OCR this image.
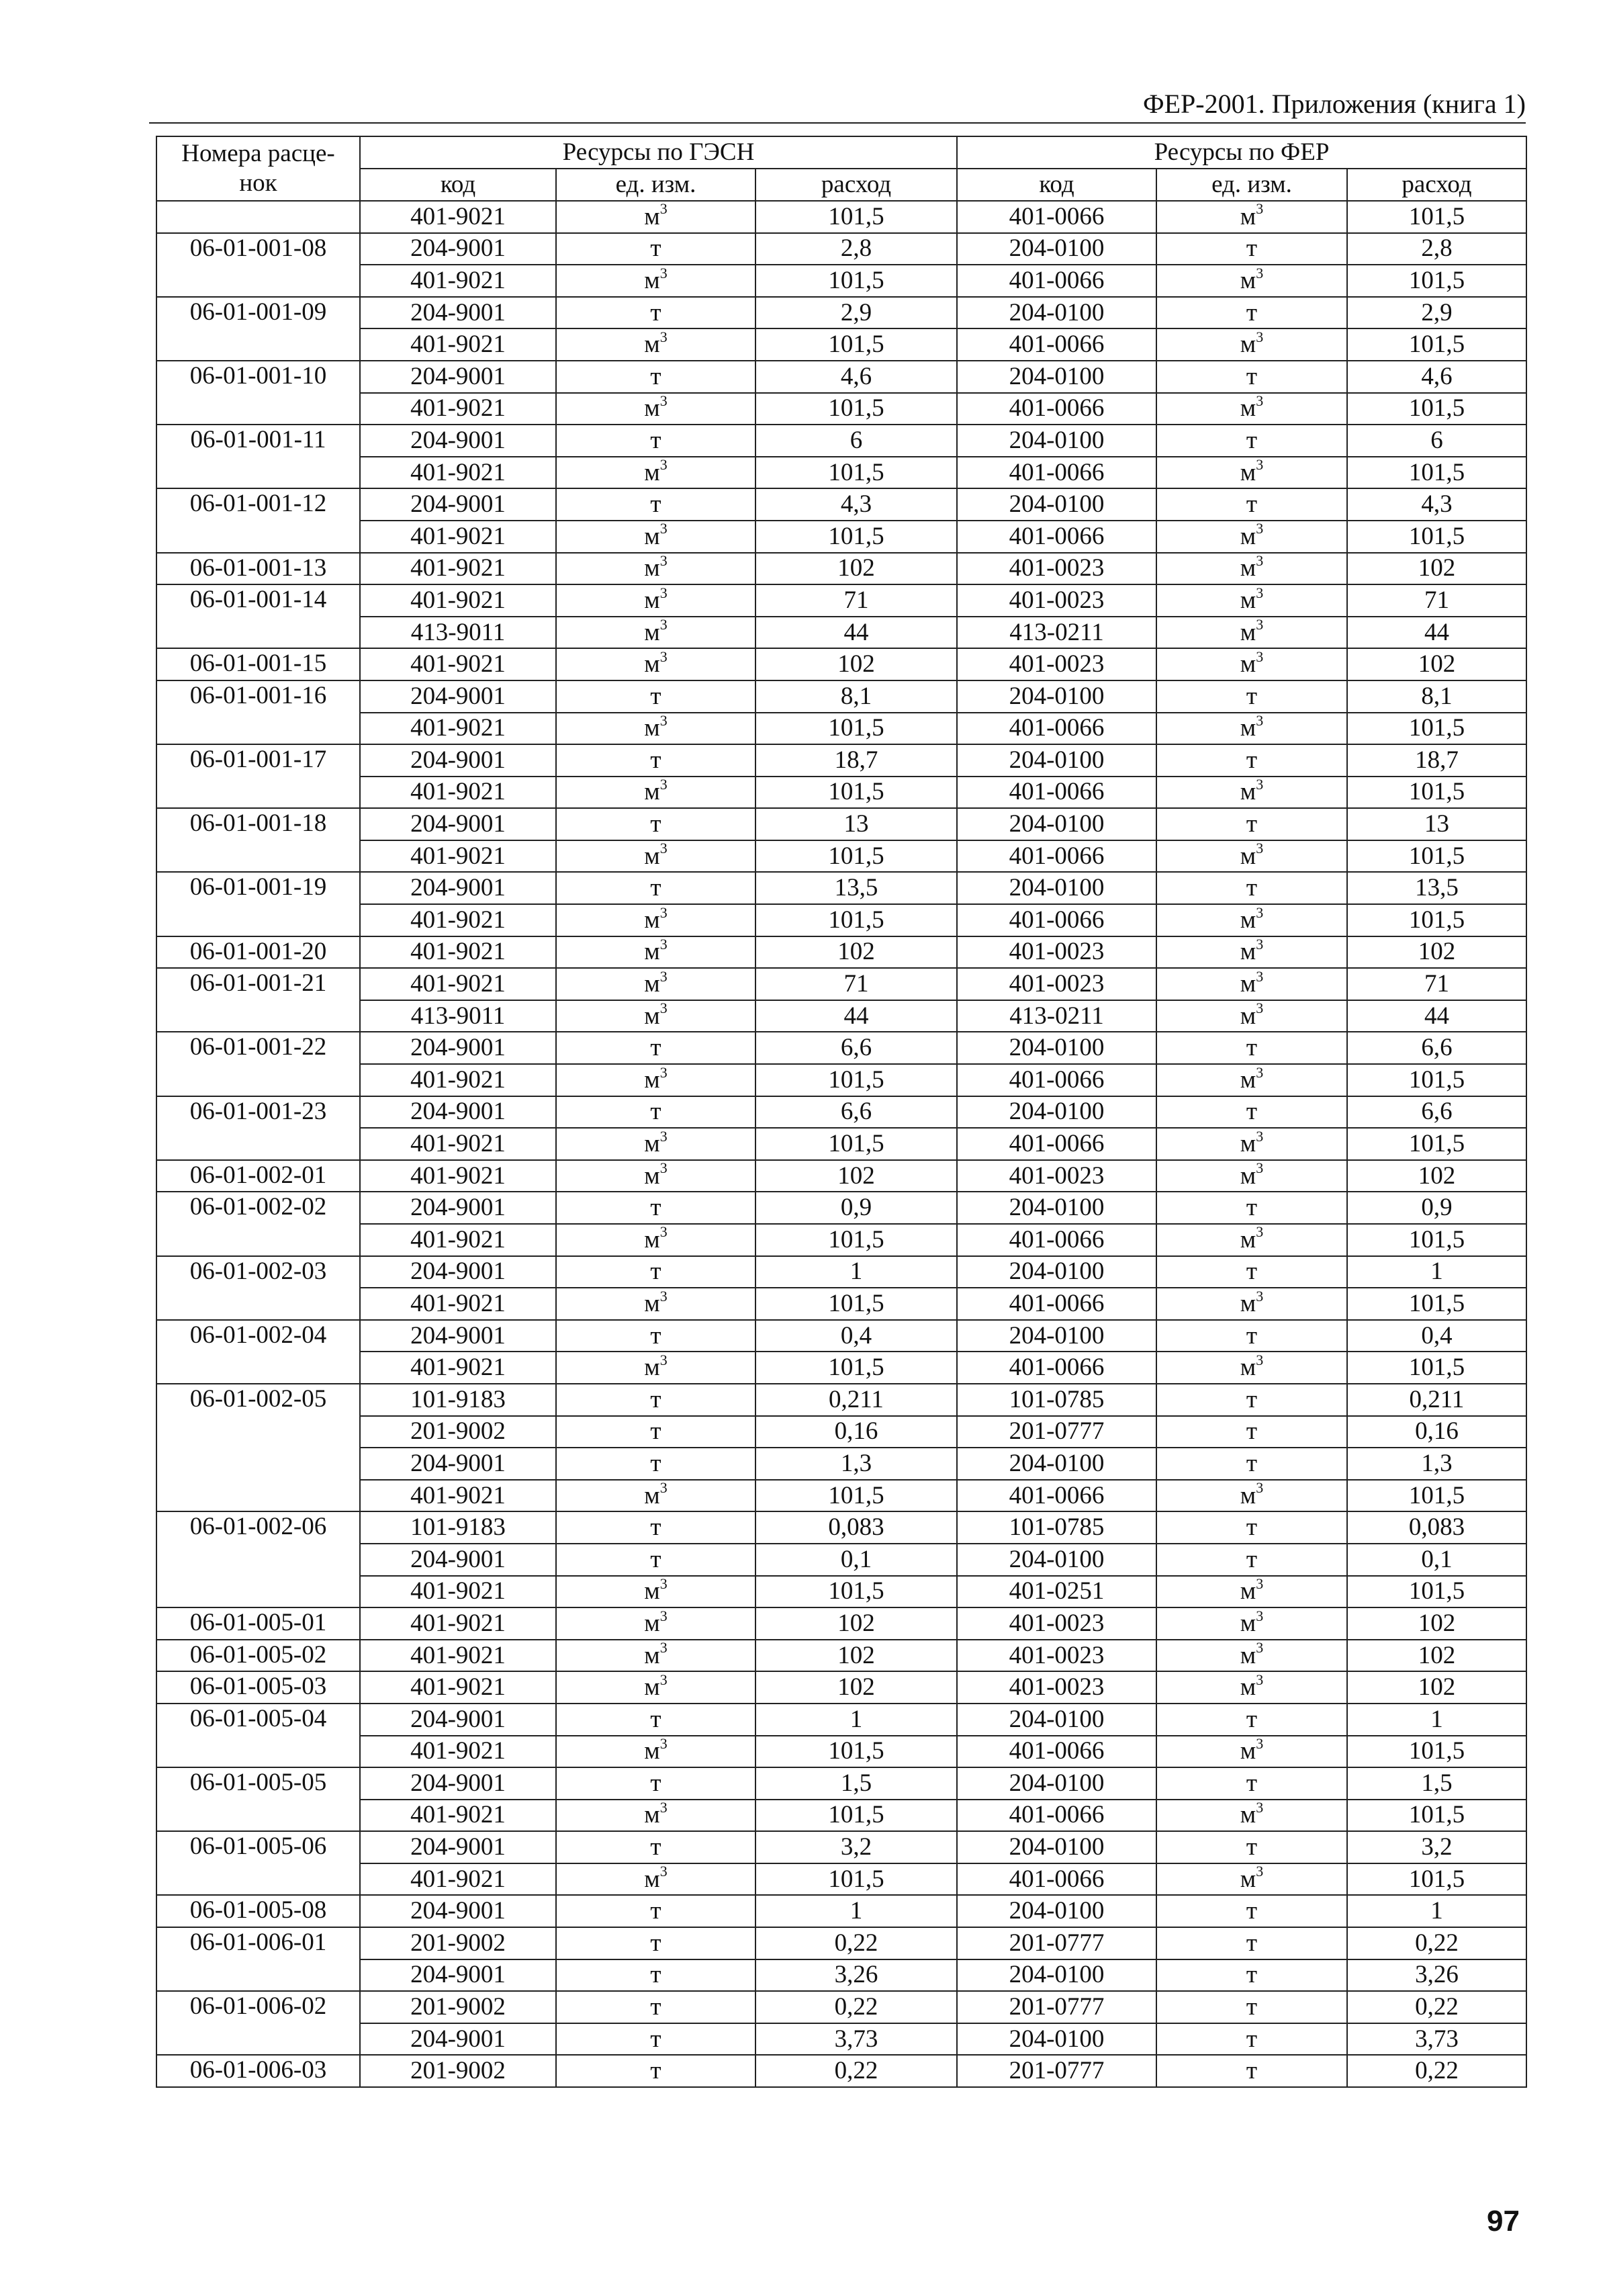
ФЕР-2001. Приложения (книга 1)
Номера расце-
нок	Ресурсы по ГЭСН			Ресурсы по ФЕР		
	код	ед. изм.	расход	код	ед. изм.	расход
	401-9021	$м^3$	101,5	401-0066	$м^3$	101,5
06-01-001-08	204-9001	т	2,8	204-0100	т	2,8
	401-9021	$м^3$	101,5	401-0066	$м^3$	101,5
06-01-001-09	204-9001	т	2,9	204-0100	т	2,9
	401-9021	$м^3$	101,5	401-0066	$м^3$	101,5
06-01-001-10	204-9001	т	4,6	204-0100	т	4,6
	401-9021	$м^3$	101,5	401-0066	$м^3$	101,5
06-01-001-11	204-9001	т	6	204-0100	т	6
	401-9021	$м^3$	101,5	401-0066	$м^3$	101,5
06-01-001-12	204-9001	т	4,3	204-0100	т	4,3
	401-9021	$м^3$	101,5	401-0066	$м^3$	101,5
06-01-001-13	401-9021	$м^3$	102	401-0023	$м^3$	102
06-01-001-14	401-9021	$м^3$	71	401-0023	$м^3$	71
	413-9011	$м^3$	44	413-0211	$м^3$	44
06-01-001-15	401-9021	$м^3$	102	401-0023	$м^3$	102
06-01-001-16	204-9001	т	8,1	204-0100	т	8,1
	401-9021	$м^3$	101,5	401-0066	$м^3$	101,5
06-01-001-17	204-9001	т	18,7	204-0100	т	18,7
	401-9021	$м^3$	101,5	401-0066	$м^3$	101,5
06-01-001-18	204-9001	т	13	204-0100	т	13
	401-9021	$м^3$	101,5	401-0066	$м^3$	101,5
06-01-001-19	204-9001	т	13,5	204-0100	т	13,5
	401-9021	$м^3$	101,5	401-0066	$м^3$	101,5
06-01-001-20	401-9021	$м^3$	102	401-0023	$м^3$	102
06-01-001-21	401-9021	$м^3$	71	401-0023	$м^3$	71
	413-9011	$м^3$	44	413-0211	$м^3$	44
06-01-001-22	204-9001	т	6,6	204-0100	т	6,6
	401-9021	$м^3$	101,5	401-0066	$м^3$	101,5
06-01-001-23	204-9001	т	6,6	204-0100	т	6,6
	401-9021	$м^3$	101,5	401-0066	$м^3$	101,5
06-01-002-01	401-9021	$м^3$	102	401-0023	$м^3$	102
06-01-002-02	204-9001	т	0,9	204-0100	т	0,9
	401-9021	$м^3$	101,5	401-0066	$м^3$	101,5
06-01-002-03	204-9001	т	1	204-0100	т	1
	401-9021	$м^3$	101,5	401-0066	$м^3$	101,5
06-01-002-04	204-9001	т	0,4	204-0100	т	0,4
	401-9021	$м^3$	101,5	401-0066	$м^3$	101,5
06-01-002-05	101-9183	т	0,211	101-0785	т	0,211
	201-9002	т	0,16	201-0777	т	0,16
	204-9001	т	1,3	204-0100	т	1,3
	401-9021	$м^3$	101,5	401-0066	$м^3$	101,5
06-01-002-06	101-9183	т	0,083	101-0785	т	0,083
	204-9001	т	0,1	204-0100	т	0,1
	401-9021	$м^3$	101,5	401-0251	$м^3$	101,5
06-01-005-01	401-9021	$м^3$	102	401-0023	$м^3$	102
06-01-005-02	401-9021	$м^3$	102	401-0023	$м^3$	102
06-01-005-03	401-9021	$м^3$	102	401-0023	$м^3$	102
06-01-005-04	204-9001	т	1	204-0100	т	1
	401-9021	$м^3$	101,5	401-0066	$м^3$	101,5
06-01-005-05	204-9001	т	1,5	204-0100	т	1,5
	401-9021	$м^3$	101,5	401-0066	$м^3$	101,5
06-01-005-06	204-9001	т	3,2	204-0100	т	3,2
	401-9021	$м^3$	101,5	401-0066	$м^3$	101,5
06-01-005-08	204-9001	т	1	204-0100	т	1
06-01-006-01	201-9002	т	0,22	201-0777	т	0,22
	204-9001	т	3,26	204-0100	т	3,26
06-01-006-02	201-9002	т	0,22	201-0777	т	0,22
	204-9001	т	3,73	204-0100	т	3,73
06-01-006-03	201-9002	т	0,22	201-0777	т	0,22
97
